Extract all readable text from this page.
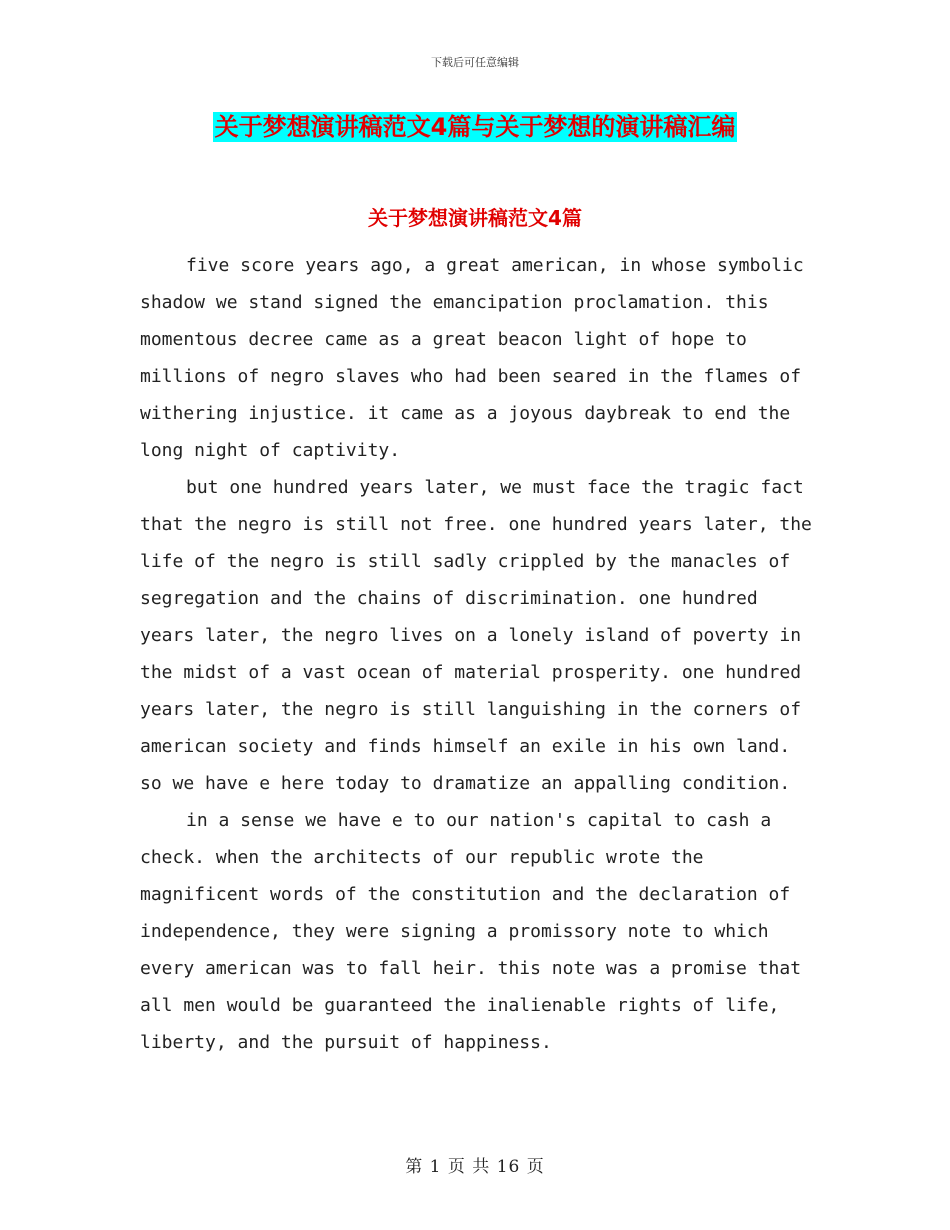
下载后可任意编辑
关于梦想演讲稿范文4篇与关于梦想的演讲稿汇编
关于梦想演讲稿范文4篇

five score years ago, a great american, in whose symbolic shadow we stand signed the emancipation proclamation. this momentous decree came as a great beacon light of hope to millions of negro slaves who had been seared in the flames of withering injustice. it came as a joyous daybreak to end the long night of captivity.

but one hundred years later, we must face the tragic fact that the negro is still not free. one hundred years later, the life of the negro is still sadly crippled by the manacles of segregation and the chains of discrimination. one hundred years later, the negro lives on a lonely island of poverty in the midst of a vast ocean of material prosperity. one hundred years later, the negro is still languishing in the corners of american society and finds himself an exile in his own land. so we have e here today to dramatize an appalling condition.

in a sense we have e to our nation's capital to cash a check. when the architects of our republic wrote the magnificent words of the constitution and the declaration of independence, they were signing a promissory note to which every american was to fall heir. this note was a promise that all men would be guaranteed the inalienable rights of life, liberty, and the pursuit of happiness.

第 1 页 共 16 页
